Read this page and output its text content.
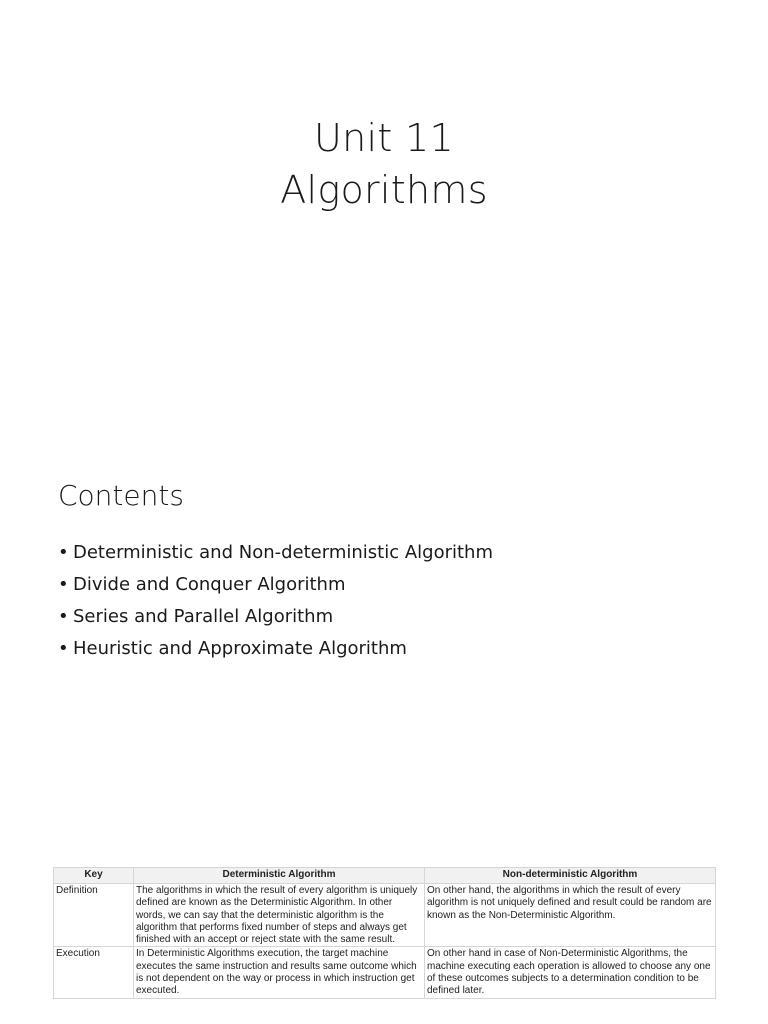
Unit 11
Algorithms
Contents
• Deterministic and Non-deterministic Algorithm
• Divide and Conquer Algorithm
• Series and Parallel Algorithm
• Heuristic and Approximate Algorithm
Key	Deterministic Algorithm	Non-deterministic Algorithm
Definition	The algorithms in which the result of every algorithm is uniquely defined are known as the Deterministic Algorithm. In other words, we can say that the deterministic algorithm is the algorithm that performs fixed number of steps and always get finished with an accept or reject state with the same result.	On other hand, the algorithms in which the result of every algorithm is not uniquely defined and result could be random are known as the Non-Deterministic Algorithm.
Execution	In Deterministic Algorithms execution, the target machine executes the same instruction and results same outcome which is not dependent on the way or process in which instruction get executed.	On other hand in case of Non-Deterministic Algorithms, the machine executing each operation is allowed to choose any one of these outcomes subjects to a determination condition to be defined later.
